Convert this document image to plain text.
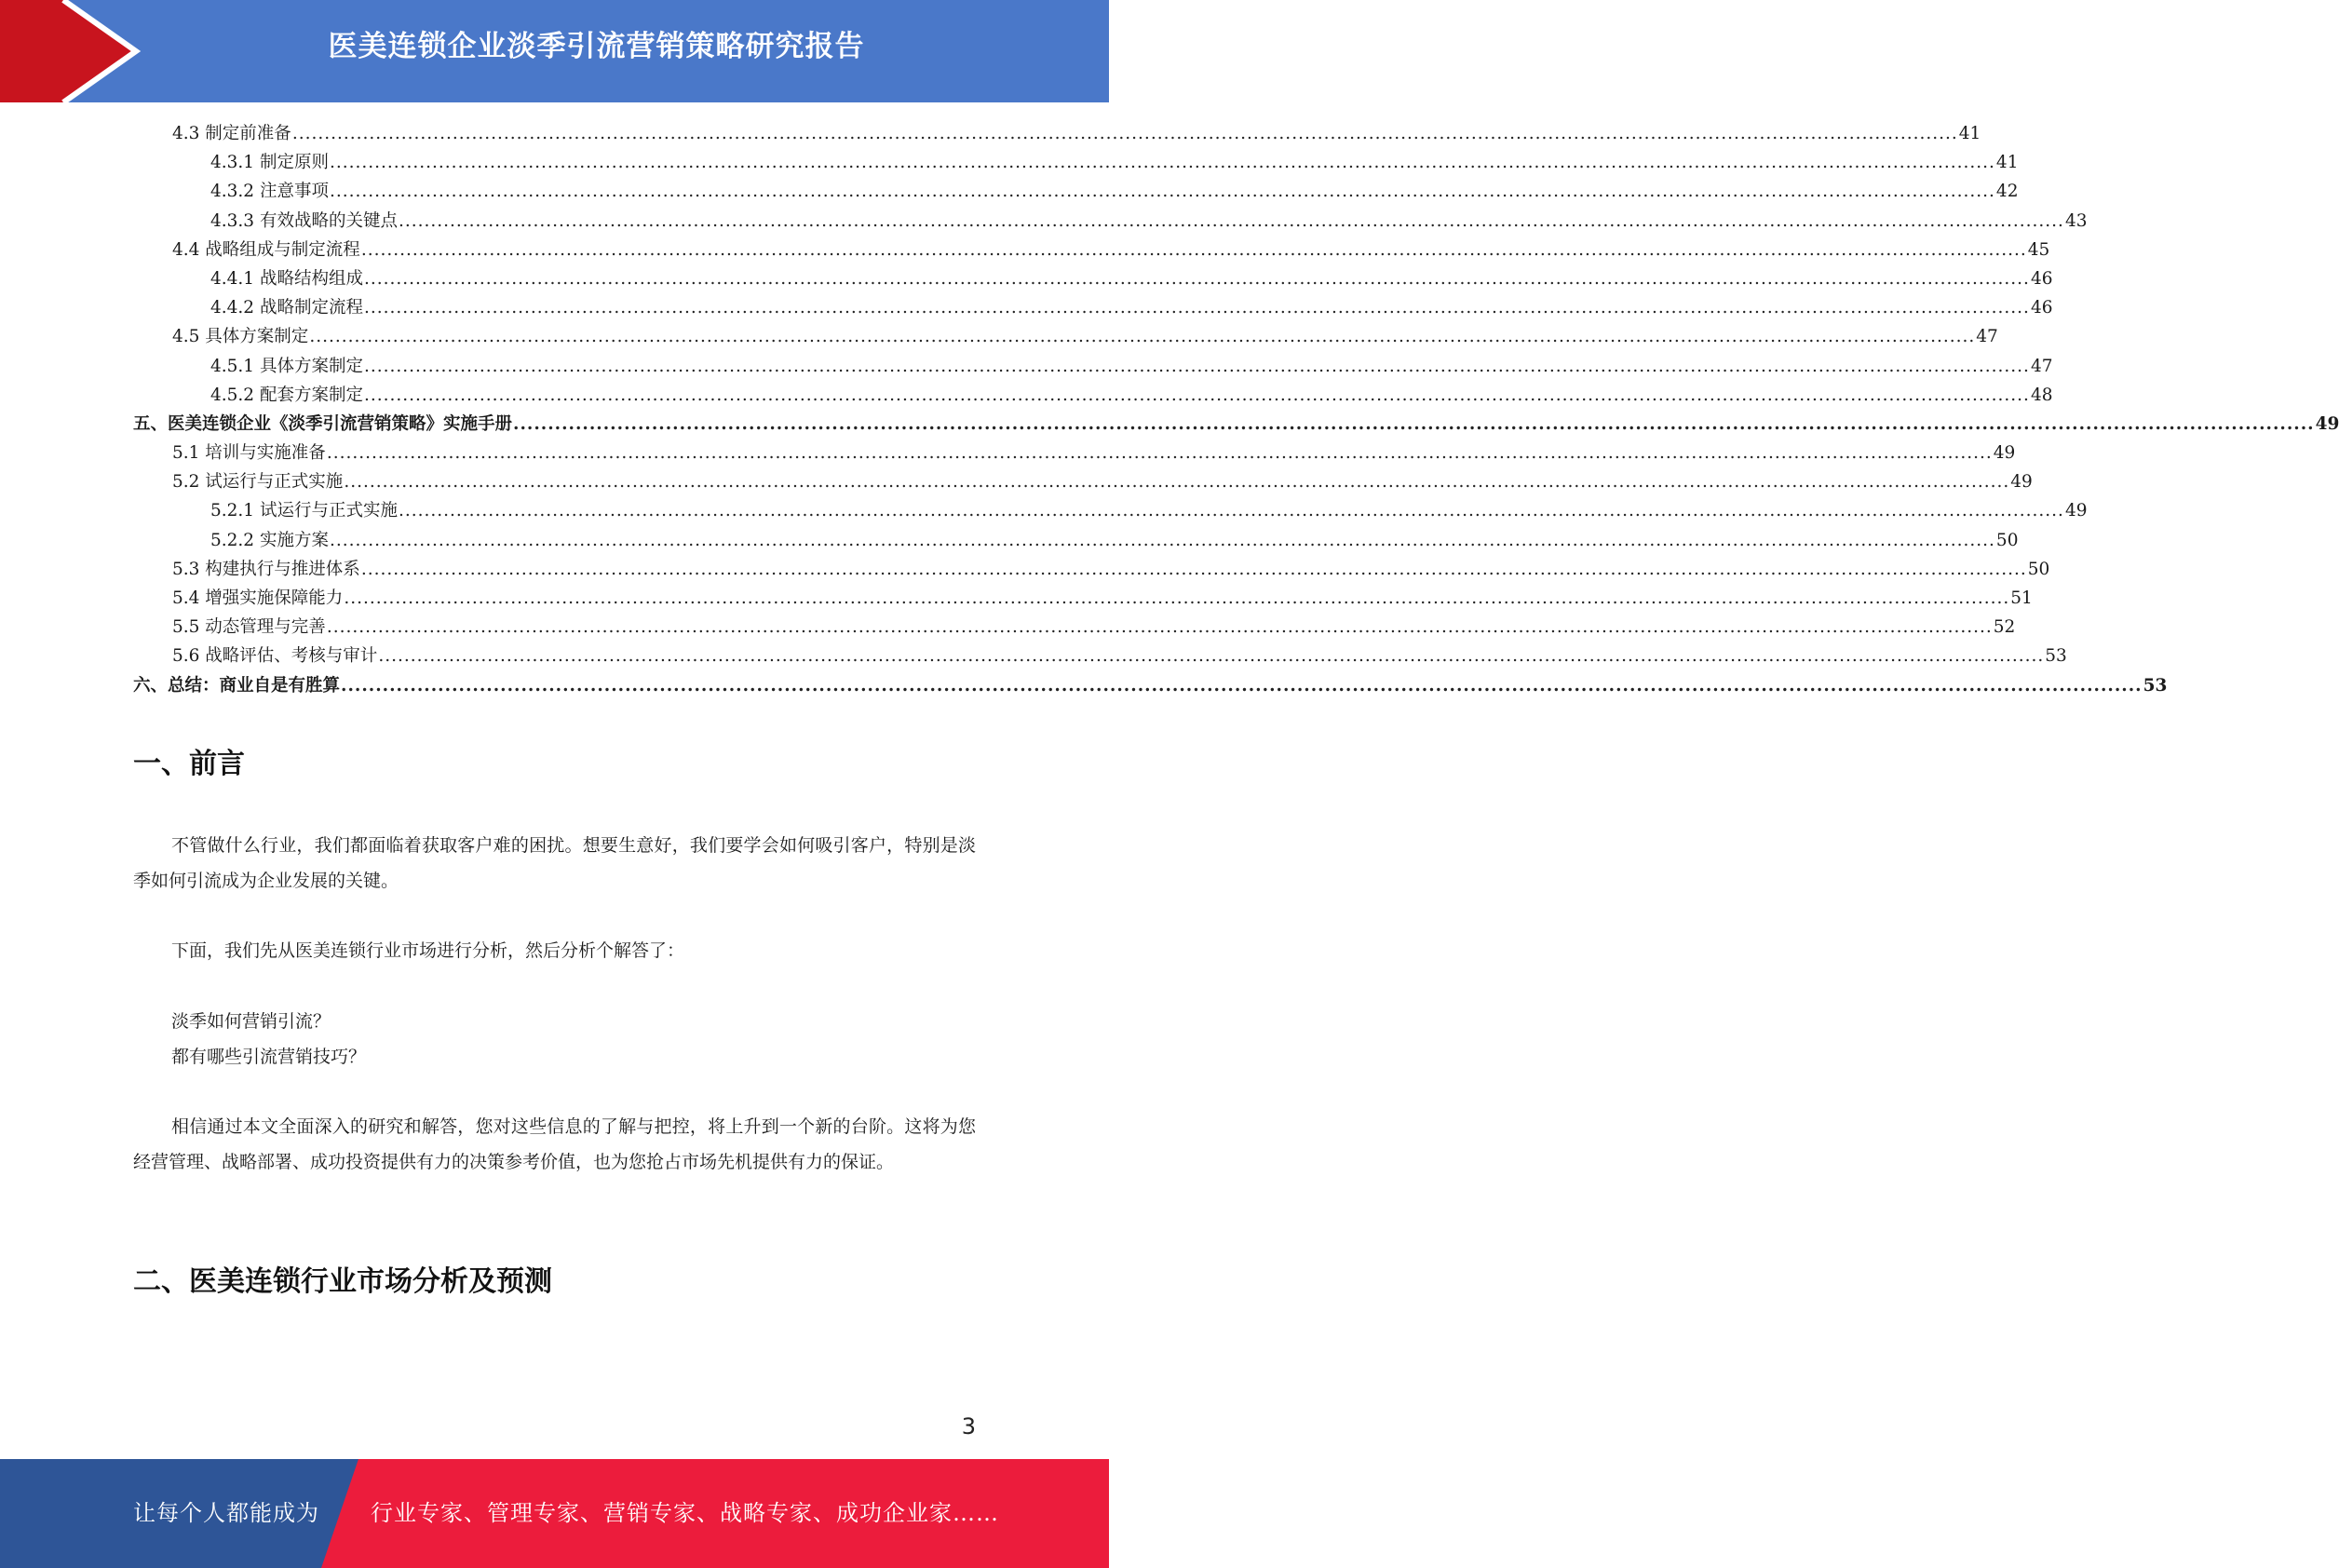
医美连锁企业淡季引流营销策略研究报告
4.3 制定前准备 .................................................................................................................................................................................................................................................................... 41
4.3.1 制定原则 .................................................................................................................................................................................................................................................................... 41
4.3.2 注意事项 .................................................................................................................................................................................................................................................................... 42
4.3.3 有效战略的关键点 .................................................................................................................................................................................................................................................................... 43
4.4 战略组成与制定流程 .................................................................................................................................................................................................................................................................... 45
4.4.1 战略结构组成 .................................................................................................................................................................................................................................................................... 46
4.4.2 战略制定流程 .................................................................................................................................................................................................................................................................... 46
4.5 具体方案制定 .................................................................................................................................................................................................................................................................... 47
4.5.1 具体方案制定 .................................................................................................................................................................................................................................................................... 47
4.5.2 配套方案制定 .................................................................................................................................................................................................................................................................... 48
五、医美连锁企业《淡季引流营销策略》实施手册 .................................................................................................................................................................................................................................................................... 49
5.1 培训与实施准备 .................................................................................................................................................................................................................................................................... 49
5.2 试运行与正式实施 .................................................................................................................................................................................................................................................................... 49
5.2.1 试运行与正式实施 .................................................................................................................................................................................................................................................................... 49
5.2.2 实施方案 .................................................................................................................................................................................................................................................................... 50
5.3 构建执行与推进体系 .................................................................................................................................................................................................................................................................... 50
5.4 增强实施保障能力 .................................................................................................................................................................................................................................................................... 51
5.5 动态管理与完善 .................................................................................................................................................................................................................................................................... 52
5.6 战略评估、考核与审计 .................................................................................................................................................................................................................................................................... 53
六、总结：商业自是有胜算 .................................................................................................................................................................................................................................................................... 53
一、前言
不管做什么行业，我们都面临着获取客户难的困扰。想要生意好，我们要学会如何吸引客户，特别是淡季如何引流成为企业发展的关键。
下面，我们先从医美连锁行业市场进行分析，然后分析个解答了：
淡季如何营销引流？
都有哪些引流营销技巧？
相信通过本文全面深入的研究和解答，您对这些信息的了解与把控，将上升到一个新的台阶。这将为您经营管理、战略部署、成功投资提供有力的决策参考价值，也为您抢占市场先机提供有力的保证。
二、医美连锁行业市场分析及预测
3
让每个人都能成为 行业专家、管理专家、营销专家、战略专家、成功企业家……
